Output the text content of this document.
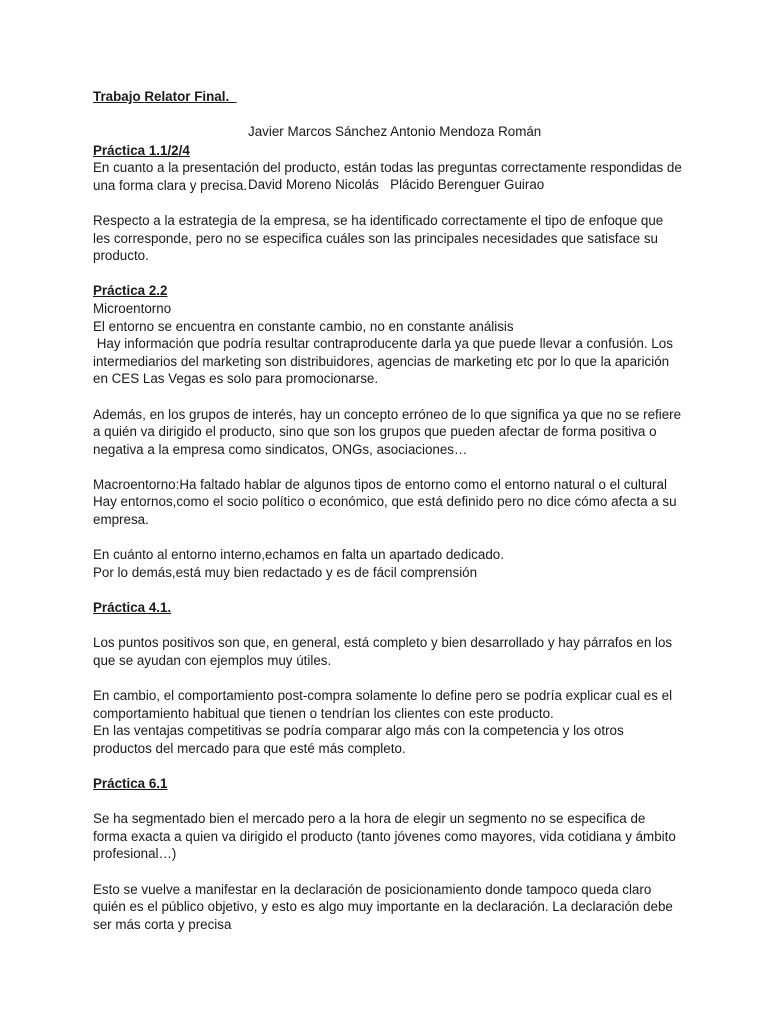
Trabajo Relator Final.

Javier Marcos Sánchez Antonio Mendoza Román

David Moreno Nicolás   Plácido Berenguer Guirao

Práctica 1.1/2/4

En cuanto a la presentación del producto, están todas las preguntas correctamente respondidas de una forma clara y precisa.

Respecto a la estrategia de la empresa, se ha identificado correctamente el tipo de enfoque que les corresponde, pero no se especifica cuáles son las principales necesidades que satisface su producto.

Práctica 2.2

Microentorno

El entorno se encuentra en constante cambio, no en constante análisis

Hay información que podría resultar contraproducente darla ya que puede llevar a confusión. Los intermediarios del marketing son distribuidores, agencias de marketing etc por lo que la aparición en CES Las Vegas es solo para promocionarse.

Además, en los grupos de interés, hay un concepto erróneo de lo que significa ya que no se refiere a quién va dirigido el producto, sino que son los grupos que pueden afectar de forma positiva o negativa a la empresa como sindicatos, ONGs, asociaciones…

Macroentorno:Ha faltado hablar de algunos tipos de entorno como el entorno natural o el cultural Hay entornos,como el socio político o económico, que está definido pero no dice cómo afecta a su empresa.

En cuánto al entorno interno,echamos en falta un apartado dedicado.

Por lo demás,está muy bien redactado y es de fácil comprensión

Práctica 4.1.

Los puntos positivos son que, en general, está completo y bien desarrollado y hay párrafos en los que se ayudan con ejemplos muy útiles.

En cambio, el comportamiento post-compra solamente lo define pero se podría explicar cual es el comportamiento habitual que tienen o tendrían los clientes con este producto.

En las ventajas competitivas se podría comparar algo más con la competencia y los otros productos del mercado para que esté más completo.

Práctica 6.1

Se ha segmentado bien el mercado pero a la hora de elegir un segmento no se especifica de forma exacta a quien va dirigido el producto (tanto jóvenes como mayores, vida cotidiana y ámbito profesional…)

Esto se vuelve a manifestar en la declaración de posicionamiento donde tampoco queda claro quién es el público objetivo, y esto es algo muy importante en la declaración. La declaración debe ser más corta y precisa
